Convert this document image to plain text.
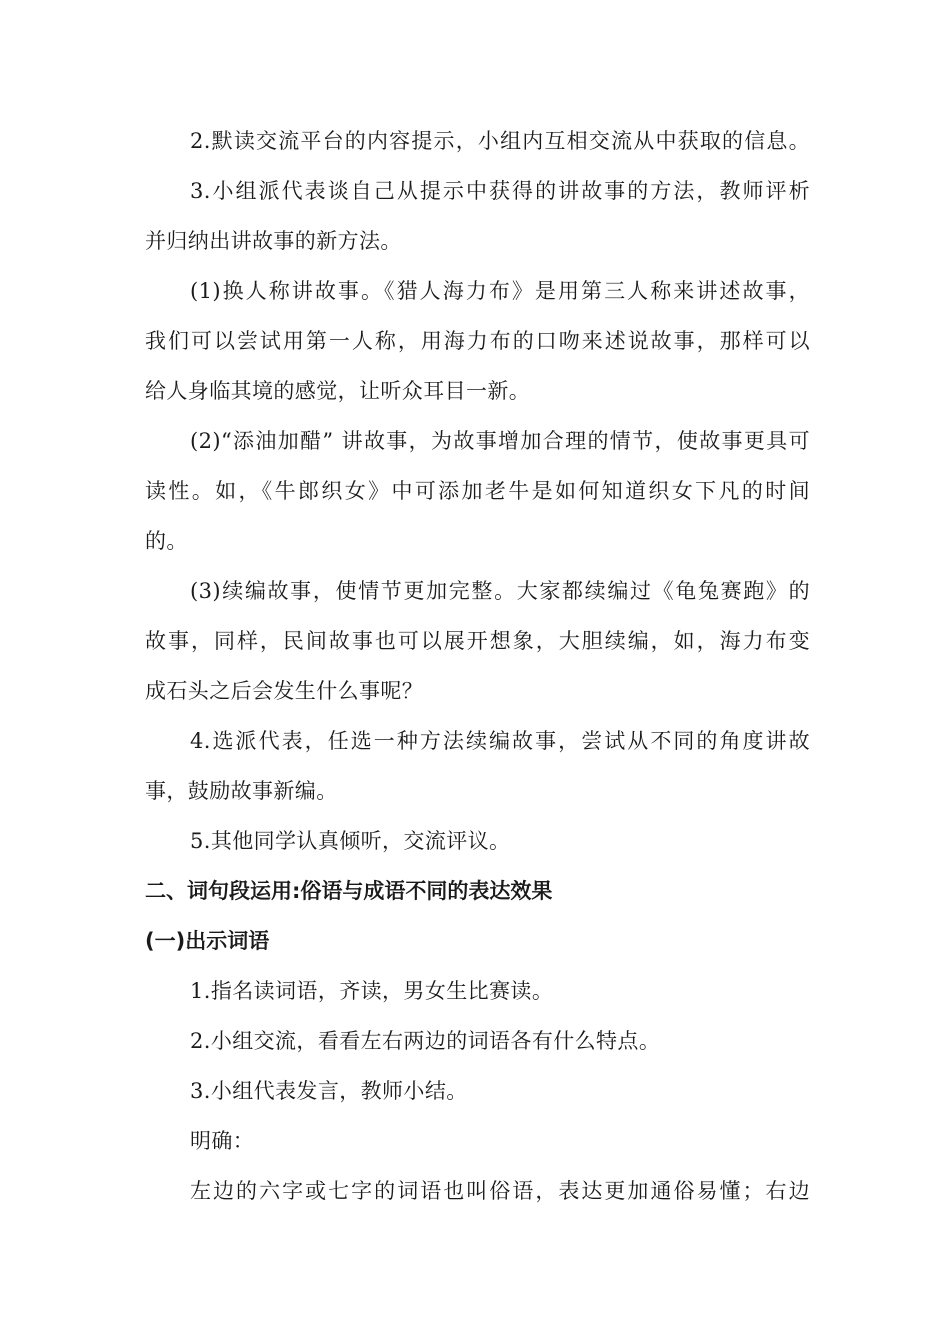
2.默读交流平台的内容提示，小组内互相交流从中获取的信息。
3.小组派代表谈自己从提示中获得的讲故事的方法，教师评析
并归纳出讲故事的新方法。
(1)换人称讲故事。《猎人海力布》是用第三人称来讲述故事，
我们可以尝试用第一人称，用海力布的口吻来述说故事，那样可以
给人身临其境的感觉，让听众耳目一新。
(2)“添油加醋” 讲故事，为故事增加合理的情节，使故事更具可
读性。如，《牛郎织女》中可添加老牛是如何知道织女下凡的时间
的。
(3)续编故事，使情节更加完整。大家都续编过《龟兔赛跑》的
故事，同样，民间故事也可以展开想象，大胆续编，如，海力布变
成石头之后会发生什么事呢？
4.选派代表，任选一种方法续编故事，尝试从不同的角度讲故
事，鼓励故事新编。
5.其他同学认真倾听，交流评议。
二、词句段运用:俗语与成语不同的表达效果
(一)出示词语
1.指名读词语，齐读，男女生比赛读。
2.小组交流，看看左右两边的词语各有什么特点。
3.小组代表发言，教师小结。
明确：
左边的六字或七字的词语也叫俗语，表达更加通俗易懂；右边
